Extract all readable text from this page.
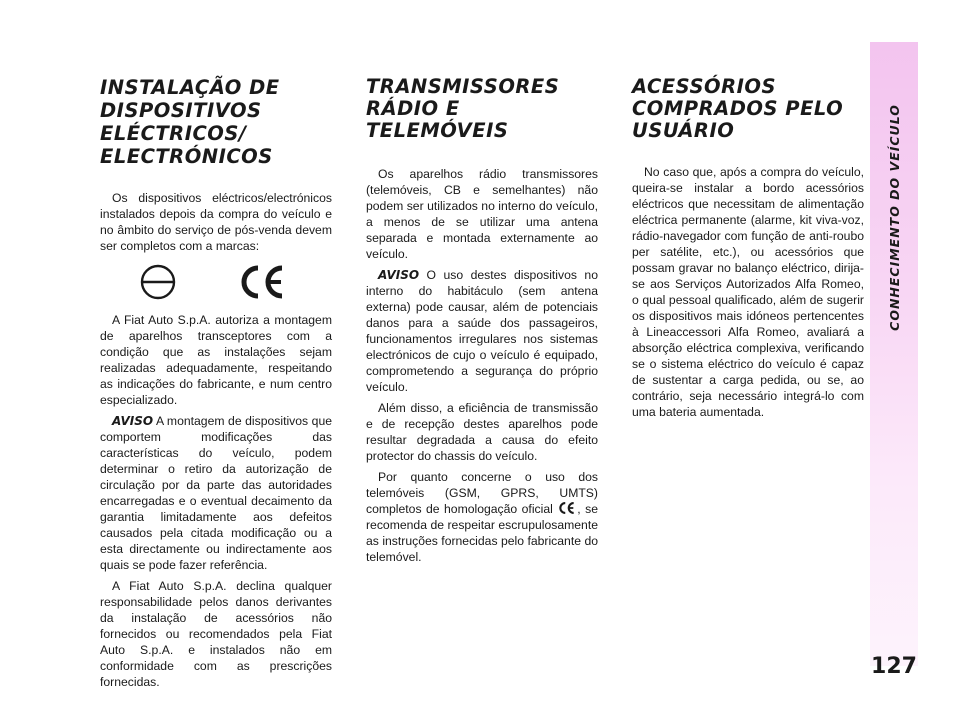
CONHECIMENTO DO VEÍCULO
127
INSTALAÇÃO DE
DISPOSITIVOS
ELÉCTRICOS/
ELECTRÓNICOS

Os dispositivos eléctricos/electrónicos instalados depois da compra do veículo e no âmbito do serviço de pós-venda devem ser completos com a marcas:

A Fiat Auto S.p.A. autoriza a montagem de aparelhos transceptores com a condição que as instalações sejam realizadas adequadamente, respeitando as indicações do fabricante, e num centro especializado.

AVISO A montagem de dispositivos que comportem modificações das características do veículo, podem determinar o retiro da autorização de circulação por da parte das autoridades encarregadas e o eventual decaimento da garantia limitadamente aos defeitos causados pela citada modificação ou a esta directamente ou indirectamente aos quais se pode fazer referência.

A Fiat Auto S.p.A. declina qualquer responsabilidade pelos danos derivantes da instalação de acessórios não fornecidos ou recomendados pela Fiat Auto S.p.A. e instalados não em conformidade com as prescrições fornecidas.

TRANSMISSORES
RÁDIO E TELEMÓVEIS

Os aparelhos rádio transmissores (telemóveis, CB e semelhantes) não podem ser utilizados no interno do veículo, a menos de se utilizar uma antena separada e montada externamente ao veículo.

AVISO O uso destes dispositivos no interno do habitáculo (sem antena externa) pode causar, além de potenciais danos para a saúde dos passageiros, funcionamentos irregulares nos sistemas electrónicos de cujo o veículo é equipado, comprometendo a segurança do próprio veículo.

Além disso, a eficiência de transmissão e de recepção destes aparelhos pode resultar degradada a causa do efeito protector do chassis do veículo.

Por quanto concerne o uso dos telemóveis (GSM, GPRS, UMTS) completos de homologação oficial , se recomenda de respeitar escrupulosamente as instruções fornecidas pelo fabricante do telemóvel.

ACESSÓRIOS
COMPRADOS PELO
USUÁRIO

No caso que, após a compra do veículo, queira-se instalar a bordo acessórios eléctricos que necessitam de alimentação eléctrica permanente (alarme, kit viva-voz, rádio-navegador com função de anti-roubo per satélite, etc.), ou acessórios que possam gravar no balanço eléctrico, dirija-se aos Serviços Autorizados Alfa Romeo, o qual pessoal qualificado, além de sugerir os dispositivos mais idóneos pertencentes à Lineaccessori Alfa Romeo, avaliará a absorção eléctrica complexiva, verificando se o sistema eléctrico do veículo é capaz de sustentar a carga pedida, ou se, ao contrário, seja necessário integrá-lo com uma bateria aumentada.
